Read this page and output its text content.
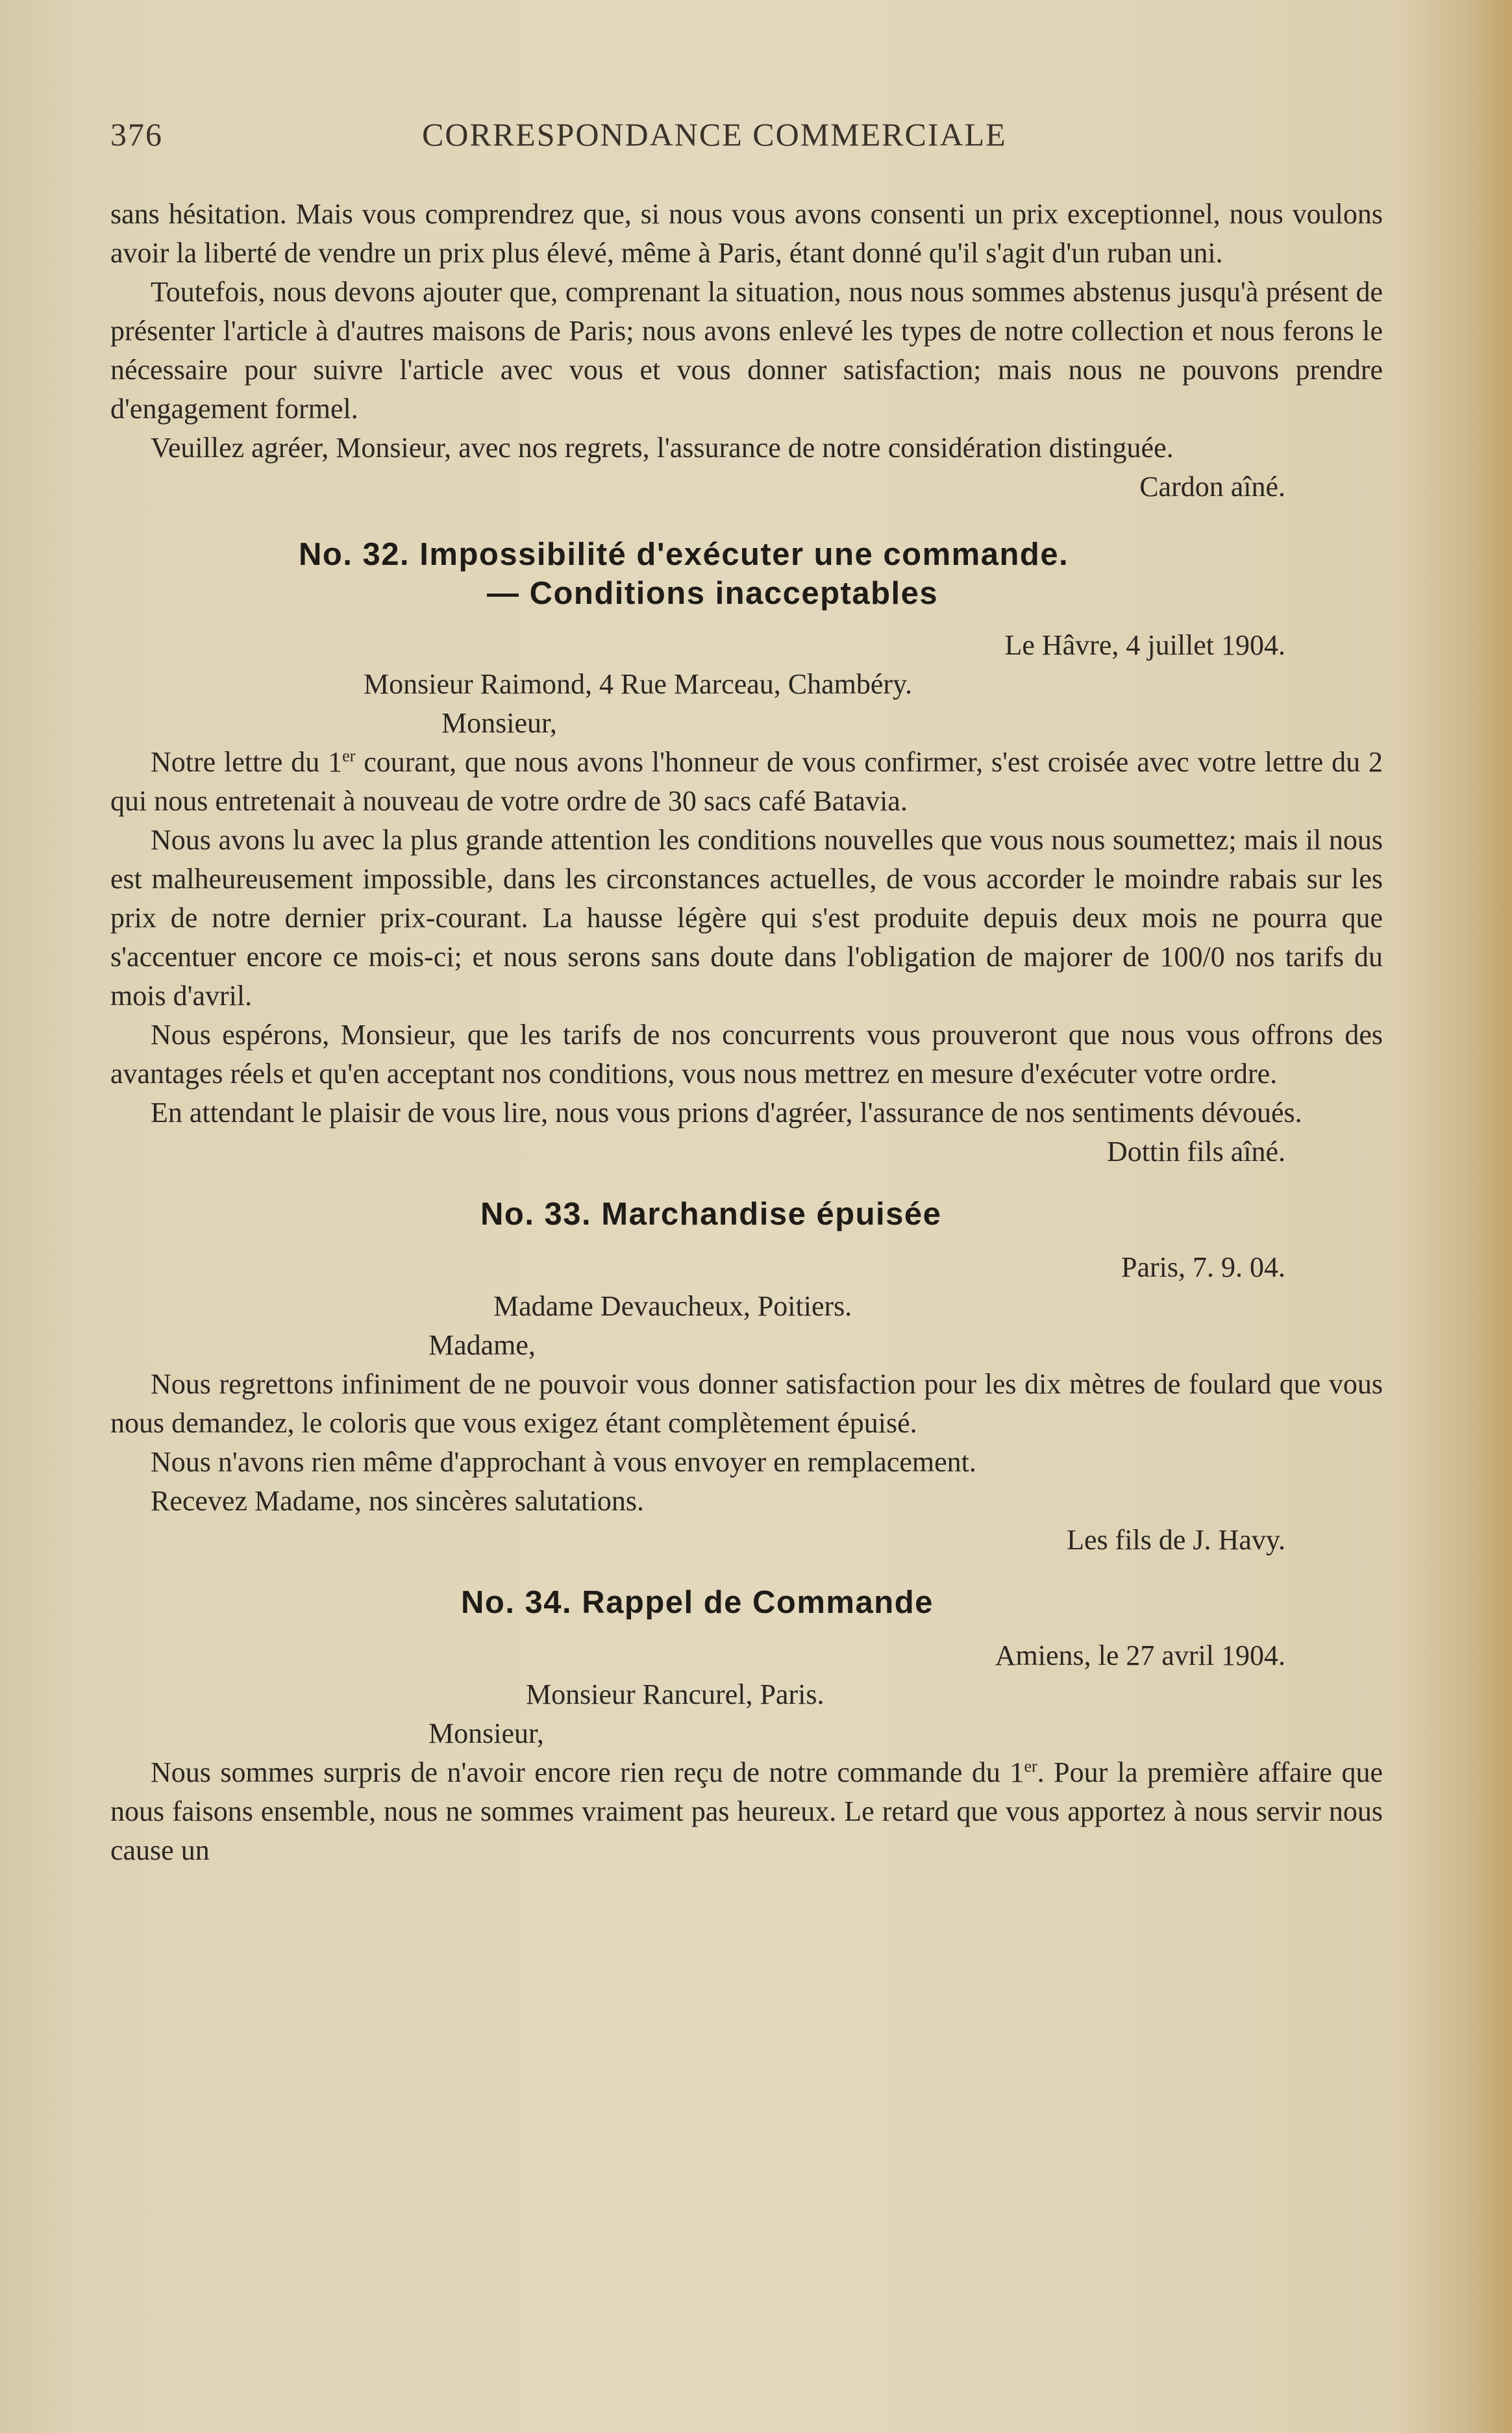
376	CORRESPONDANCE COMMERCIALE

sans hésitation. Mais vous comprendrez que, si nous vous avons consenti un prix exceptionnel, nous voulons avoir la liberté de vendre un prix plus élevé, même à Paris, étant donné qu'il s'agit d'un ruban uni.

Toutefois, nous devons ajouter que, comprenant la situation, nous nous sommes abstenus jusqu'à présent de présenter l'article à d'autres maisons de Paris; nous avons enlevé les types de notre collection et nous ferons le nécessaire pour suivre l'article avec vous et vous donner satisfaction; mais nous ne pouvons prendre d'engagement formel.

Veuillez agréer, Monsieur, avec nos regrets, l'assurance de notre considération distinguée.

Cardon aîné.

No. 32. Impossibilité d'exécuter une commande.
— Conditions inacceptables

Le Hâvre, 4 juillet 1904.

Monsieur Raimond, 4 Rue Marceau, Chambéry.

Monsieur,

Notre lettre du 1er courant, que nous avons l'honneur de vous confirmer, s'est croisée avec votre lettre du 2 qui nous entretenait à nouveau de votre ordre de 30 sacs café Batavia.

Nous avons lu avec la plus grande attention les conditions nouvelles que vous nous soumettez; mais il nous est malheureusement impossible, dans les circonstances actuelles, de vous accorder le moindre rabais sur les prix de notre dernier prix-courant. La hausse légère qui s'est produite depuis deux mois ne pourra que s'accentuer encore ce mois-ci; et nous serons sans doute dans l'obligation de majorer de 100/0 nos tarifs du mois d'avril.

Nous espérons, Monsieur, que les tarifs de nos concurrents vous prouveront que nous vous offrons des avantages réels et qu'en acceptant nos conditions, vous nous mettrez en mesure d'exécuter votre ordre.

En attendant le plaisir de vous lire, nous vous prions d'agréer, l'assurance de nos sentiments dévoués.

Dottin fils aîné.

No. 33. Marchandise épuisée

Paris, 7. 9. 04.

Madame Devaucheux, Poitiers.

Madame,

Nous regrettons infiniment de ne pouvoir vous donner satisfaction pour les dix mètres de foulard que vous nous demandez, le coloris que vous exigez étant complètement épuisé.

Nous n'avons rien même d'approchant à vous envoyer en remplacement.

Recevez Madame, nos sincères salutations.

Les fils de J. Havy.

No. 34. Rappel de Commande

Amiens, le 27 avril 1904.

Monsieur Rancurel, Paris.

Monsieur,

Nous sommes surpris de n'avoir encore rien reçu de notre commande du 1er. Pour la première affaire que nous faisons ensemble, nous ne sommes vraiment pas heureux. Le retard que vous apportez à nous servir nous cause un
